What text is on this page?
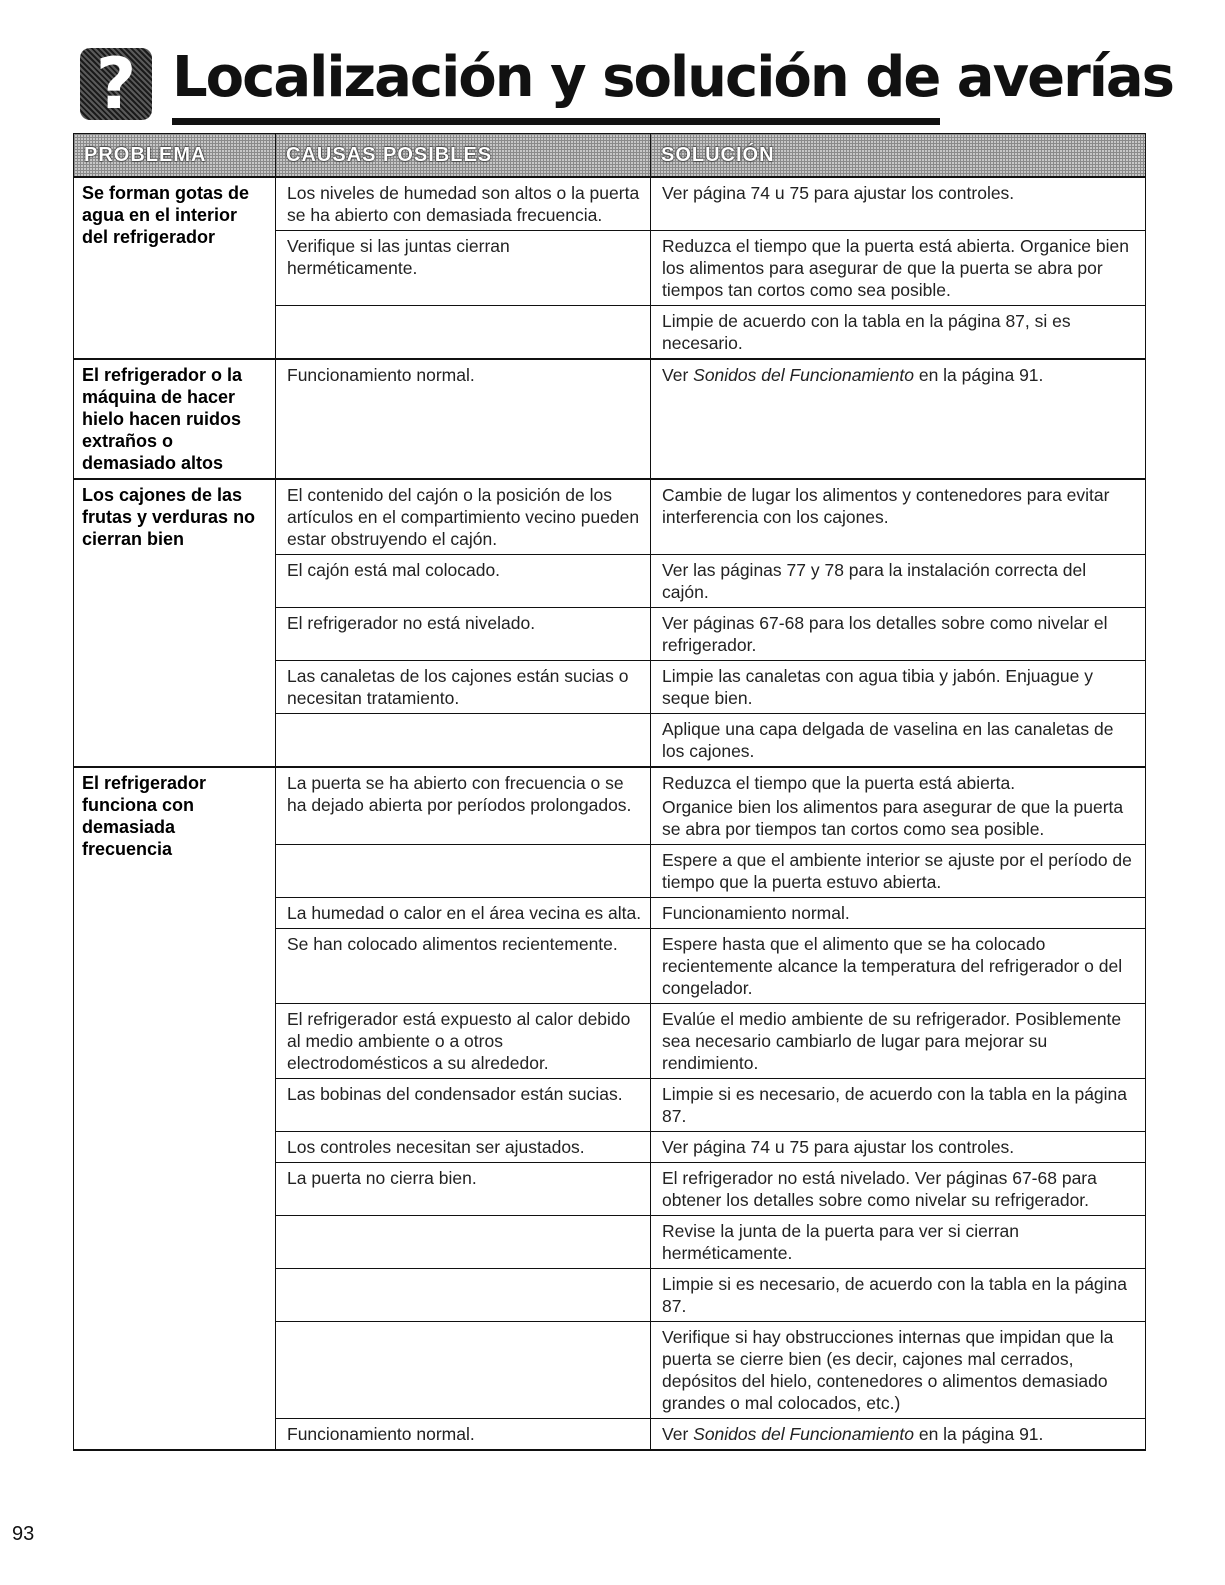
? Localización y solución de averías
PROBLEMA	CAUSAS POSIBLES	SOLUCIÓN
Se forman gotas de agua en el interior del refrigerador	Los niveles de humedad son altos o la puerta se ha abierto con demasiada frecuencia.	Ver página 74 u 75 para ajustar los controles.

	Verifique si las juntas cierran herméticamente.	Reduzca el tiempo que la puerta está abierta. Organice bien los alimentos para asegurar de que la puerta se abra por tiempos tan cortos como sea posible.

		Limpie de acuerdo con la tabla en la página 87, si es necesario.

El refrigerador o la máquina de hacer hielo hacen ruidos extraños o demasiado altos	Funcionamiento normal.	Ver Sonidos del Funcionamiento en la página 91.

Los cajones de las frutas y verduras no cierran bien	El contenido del cajón o la posición de los artículos en el compartimiento vecino pueden estar obstruyendo el cajón.	Cambie de lugar los alimentos y contenedores para evitar interferencia con los cajones.

	El cajón está mal colocado.	Ver las páginas 77 y 78 para la instalación correcta del cajón.

	El refrigerador no está nivelado.	Ver páginas 67-68 para los detalles sobre como nivelar el refrigerador.

	Las canaletas de los cajones están sucias o necesitan tratamiento.	Limpie las canaletas con agua tibia y jabón. Enjuague y seque bien.

		Aplique una capa delgada de vaselina en las canaletas de los cajones.

El refrigerador funciona con demasiada frecuencia	La puerta se ha abierto con frecuencia o se ha dejado abierta por períodos prolongados.	Reduzca el tiempo que la puerta está abierta.

Organice bien los alimentos para asegurar de que la puerta se abra por tiempos tan cortos como sea posible.

		Espere a que el ambiente interior se ajuste por el período de tiempo que la puerta estuvo abierta.

	La humedad o calor en el área vecina es alta.	Funcionamiento normal.

	Se han colocado alimentos recientemente.	Espere hasta que el alimento que se ha colocado recientemente alcance la temperatura del refrigerador o del congelador.

	El refrigerador está expuesto al calor debido al medio ambiente o a otros electrodomésticos a su alrededor.	Evalúe el medio ambiente de su refrigerador. Posiblemente sea necesario cambiarlo de lugar para mejorar su rendimiento.

	Las bobinas del condensador están sucias.	Limpie si es necesario, de acuerdo con la tabla en la página 87.

	Los controles necesitan ser ajustados.	Ver página 74 u 75 para ajustar los controles.

	La puerta no cierra bien.	El refrigerador no está nivelado. Ver páginas 67-68 para obtener los detalles sobre como nivelar su refrigerador.

		Revise la junta de la puerta para ver si cierran herméticamente.

		Limpie si es necesario, de acuerdo con la tabla en la página 87.

		Verifique si hay obstrucciones internas que impidan que la puerta se cierre bien (es decir, cajones mal cerrados, depósitos del hielo, contenedores o alimentos demasiado grandes o mal colocados, etc.)

	Funcionamiento normal.	Ver Sonidos del Funcionamiento en la página 91.

93
